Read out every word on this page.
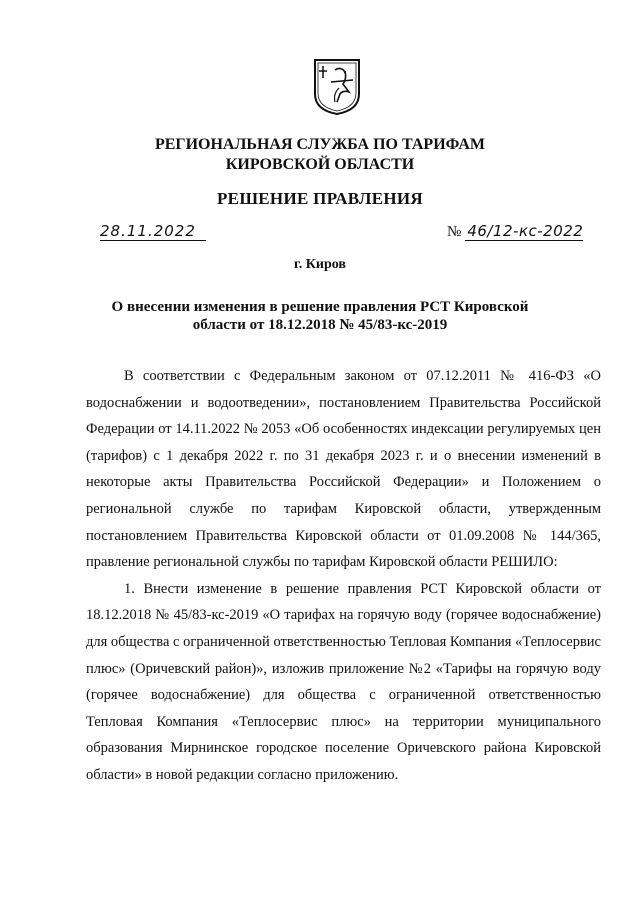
РЕГИОНАЛЬНАЯ СЛУЖБА ПО ТАРИФАМ
КИРОВСКОЙ ОБЛАСТИ
РЕШЕНИЕ ПРАВЛЕНИЯ
28.11.2022	№ 46/12-кс-2022
г. Киров
О внесении изменения в решение правления РСТ Кировской
области от 18.12.2018 № 45/83-кс-2019

В соответствии с Федеральным законом от 07.12.2011 № 416-ФЗ «О водоснабжении и водоотведении», постановлением Правительства Российской Федерации от 14.11.2022 № 2053 «Об особенностях индексации регулируемых цен (тарифов) с 1 декабря 2022 г. по 31 декабря 2023 г. и о внесении изменений в некоторые акты Правительства Российской Федерации» и Положением о региональной службе по тарифам Кировской области, утвержденным постановлением Правительства Кировской области от 01.09.2008 № 144/365, правление региональной службы по тарифам Кировской области РЕШИЛО:

1. Внести изменение в решение правления РСТ Кировской области от 18.12.2018 № 45/83-кс-2019 «О тарифах на горячую воду (горячее водоснабжение) для общества с ограниченной ответственностью Тепловая Компания «Теплосервис плюс» (Оричевский район)», изложив приложение №2 «Тарифы на горячую воду (горячее водоснабжение) для общества с ограниченной ответственностью Тепловая Компания «Теплосервис плюс» на территории муниципального образования Мирнинское городское поселение Оричевского района Кировской области» в новой редакции согласно приложению.
